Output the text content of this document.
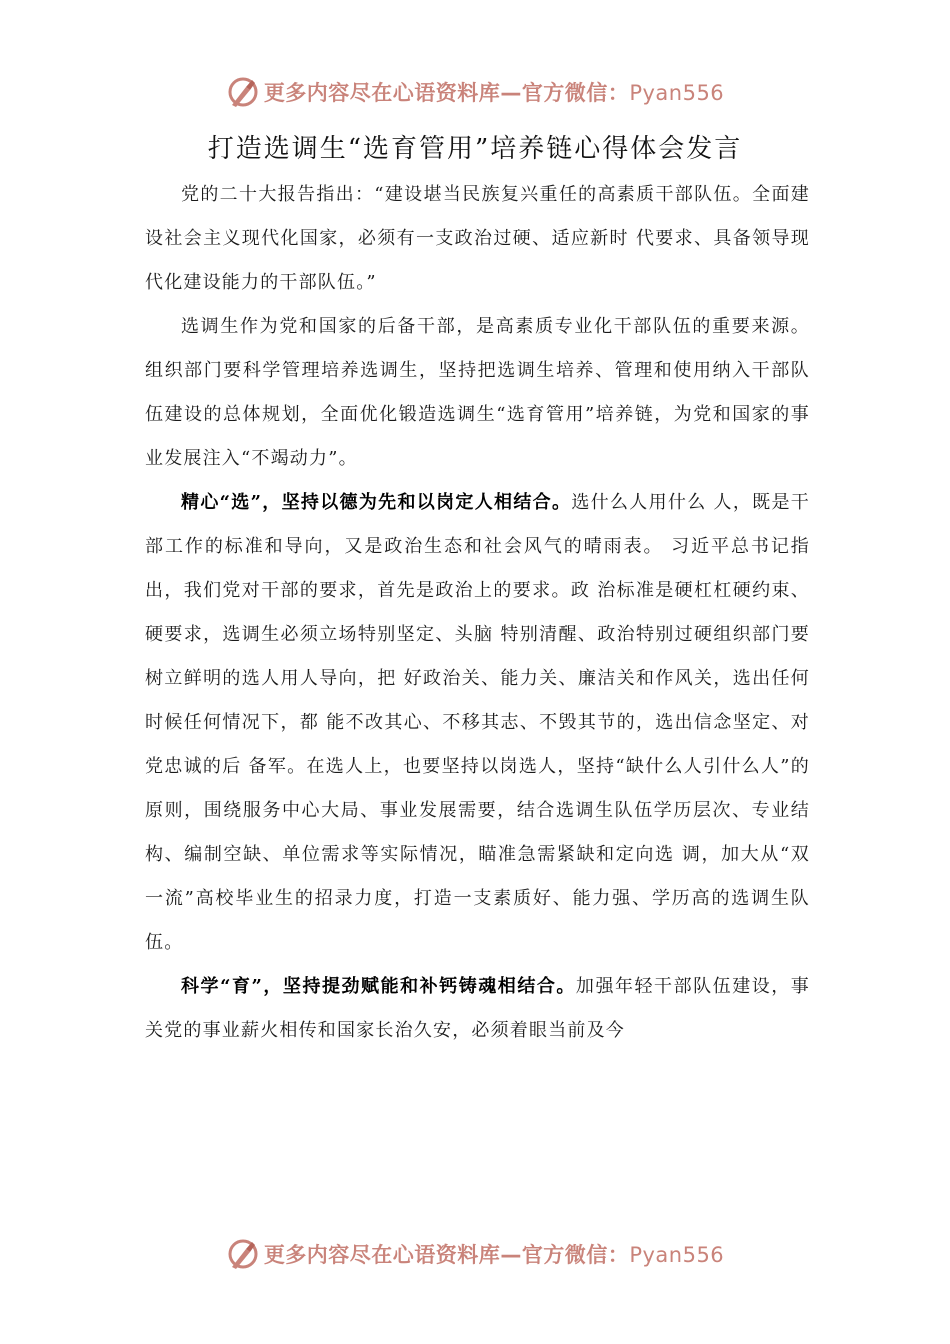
更多内容尽在心语资料库—官方微信：Pyan556
打造选调生“选育管用”培养链心得体会发言

党的二十大报告指出：“建设堪当民族复兴重任的高素质干部队伍。全面建设社会主义现代化国家，必须有一支政治过硬、适应新时 代要求、具备领导现代化建设能力的干部队伍。”

选调生作为党和国家的后备干部，是高素质专业化干部队伍的重要来源。组织部门要科学管理培养选调生，坚持把选调生培养、管理和使用纳入干部队伍建设的总体规划，全面优化锻造选调生“选育管用”培养链，为党和国家的事业发展注入“不竭动力”。

精心“选”，坚持以德为先和以岗定人相结合。选什么人用什么 人，既是干部工作的标准和导向，又是政治生态和社会风气的晴雨表。 习近平总书记指出，我们党对干部的要求，首先是政治上的要求。政 治标准是硬杠杠硬约束、硬要求，选调生必须立场特别坚定、头脑 特别清醒、政治特别过硬组织部门要树立鲜明的选人用人导向，把 好政治关、能力关、廉洁关和作风关，选出任何时候任何情况下，都 能不改其心、不移其志、不毁其节的，选出信念坚定、对党忠诚的后 备军。在选人上，也要坚持以岗选人，坚持“缺什么人引什么人”的 原则，围绕服务中心大局、事业发展需要，结合选调生队伍学历层次、专业结构、编制空缺、单位需求等实际情况，瞄准急需紧缺和定向选 调，加大从“双一流”高校毕业生的招录力度，打造一支素质好、能力强、学历高的选调生队伍。

科学“育”，坚持提劲赋能和补钙铸魂相结合。加强年轻干部队伍建设，事关党的事业薪火相传和国家长治久安，必须着眼当前及今

更多内容尽在心语资料库—官方微信：Pyan556
